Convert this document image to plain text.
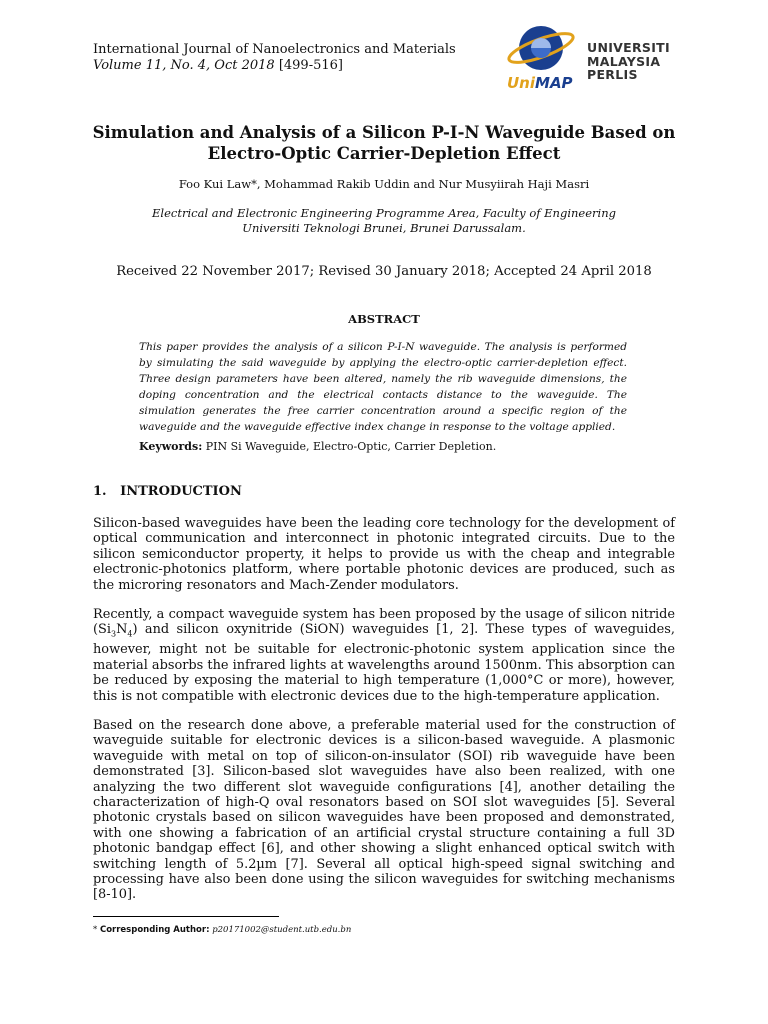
International Journal of Nanoelectronics and Materials
Volume 11, No. 4, Oct 2018 [499-516]
UNIVERSITI
MALAYSIA
PERLIS
UniMAP
Simulation and Analysis of a Silicon P-I-N Waveguide Based on
Electro-Optic Carrier-Depletion Effect
Foo Kui Law*, Mohammad Rakib Uddin and Nur Musyiirah Haji Masri
Electrical and Electronic Engineering Programme Area, Faculty of Engineering
Universiti Teknologi Brunei, Brunei Darussalam.
Received 22 November 2017; Revised 30 January 2018; Accepted 24 April 2018
ABSTRACT
This paper provides the analysis of a silicon P-I-N waveguide. The analysis is performed by simulating the said waveguide by applying the electro-optic carrier-depletion effect. Three design parameters have been altered, namely the rib waveguide dimensions, the doping concentration and the electrical contacts distance to the waveguide. The simulation generates the free carrier concentration around a specific region of the waveguide and the waveguide effective index change in response to the voltage applied.
Keywords: PIN Si Waveguide, Electro-Optic, Carrier Depletion.
1. INTRODUCTION
Silicon-based waveguides have been the leading core technology for the development of optical communication and interconnect in photonic integrated circuits. Due to the silicon semiconductor property, it helps to provide us with the cheap and integrable electronic-photonics platform, where portable photonic devices are produced, such as the microring resonators and Mach-Zender modulators.
Recently, a compact waveguide system has been proposed by the usage of silicon nitride $(Si_3N_4)$ and silicon oxynitride (SiON) waveguides [1, 2]. These types of waveguides, however, might not be suitable for electronic-photonic system application since the material absorbs the infrared lights at wavelengths around 1500nm. This absorption can be reduced by exposing the material to high temperature (1,000°C or more), however, this is not compatible with electronic devices due to the high-temperature application.
Based on the research done above, a preferable material used for the construction of waveguide suitable for electronic devices is a silicon-based waveguide. A plasmonic waveguide with metal on top of silicon-on-insulator (SOI) rib waveguide have been demonstrated [3]. Silicon-based slot waveguides have also been realized, with one analyzing the two different slot waveguide configurations [4], another detailing the characterization of high-Q oval resonators based on SOI slot waveguides [5]. Several photonic crystals based on silicon waveguides have been proposed and demonstrated, with one showing a fabrication of an artificial crystal structure containing a full 3D photonic bandgap effect [6], and other showing a slight enhanced optical switch with switching length of 5.2µm [7]. Several all optical high-speed signal switching and processing have also been done using the silicon waveguides for switching mechanisms [8-10].
* Corresponding Author: p20171002@student.utb.edu.bn
